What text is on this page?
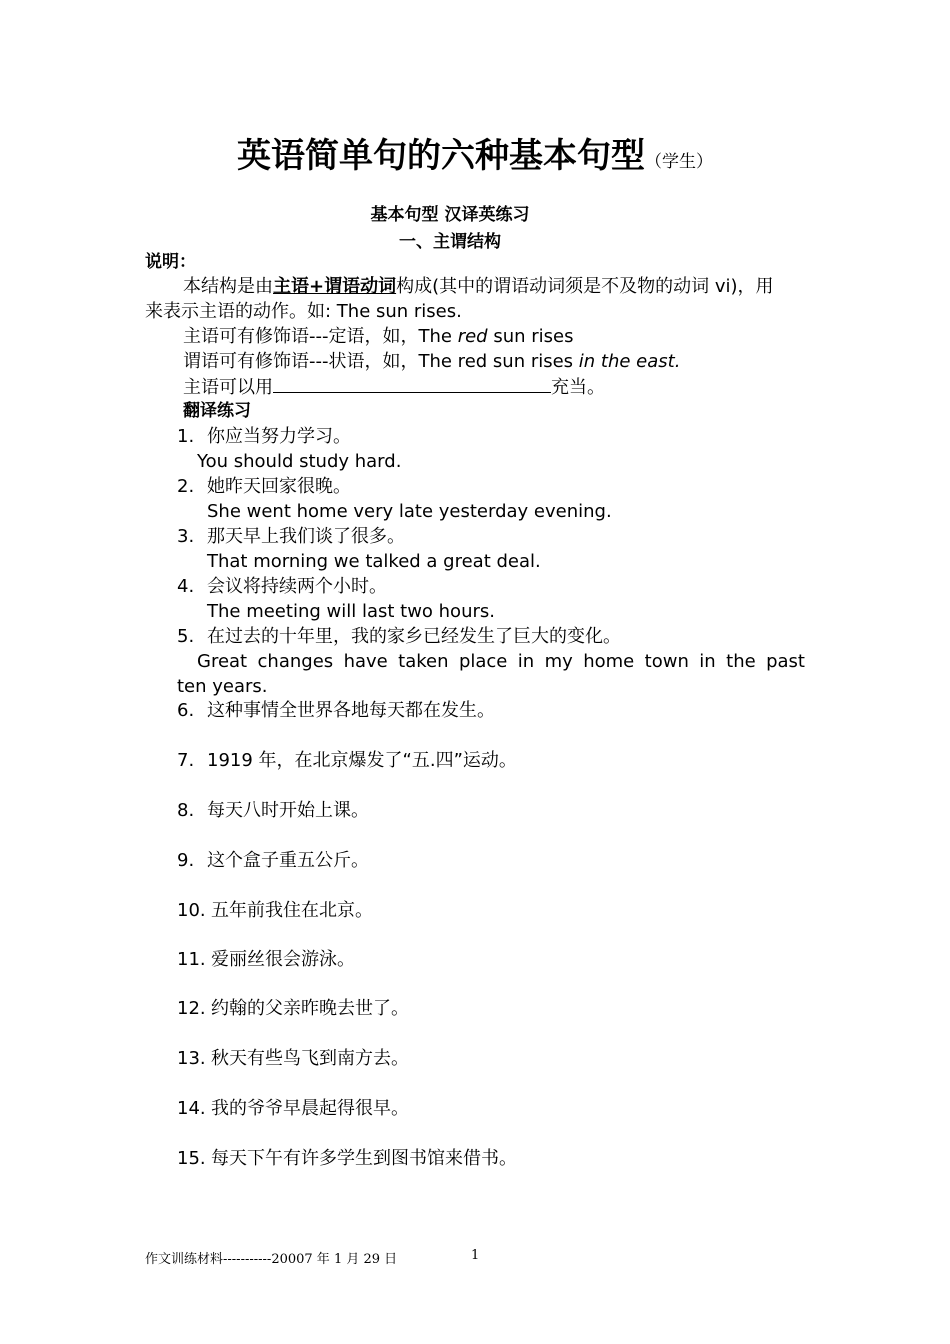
英语简单句的六种基本句型（学生）
基本句型 汉译英练习
一、主谓结构
说明：
本结构是由主语+谓语动词构成(其中的谓语动词须是不及物的动词 vi)，用
来表示主语的动作。如: The sun rises.
主语可有修饰语---定语，如，The red sun rises
谓语可有修饰语---状语，如，The red sun rises in the east.
主语可以用	充当。
翻译练习
1. 你应当努力学习。
You should study hard.
2. 她昨天回家很晚。
She went home very late yesterday evening.
3. 那天早上我们谈了很多。
That morning we talked a great deal.
4. 会议将持续两个小时。
The meeting will last two hours.
5. 在过去的十年里，我的家乡已经发生了巨大的变化。
Great changes have taken place in my home town in the past
ten years.
6. 这种事情全世界各地每天都在发生。
7. 1919 年，在北京爆发了“五.四”运动。
8. 每天八时开始上课。
9. 这个盒子重五公斤。
10. 五年前我住在北京。
11. 爱丽丝很会游泳。
12. 约翰的父亲昨晚去世了。
13. 秋天有些鸟飞到南方去。
14. 我的爷爷早晨起得很早。
15. 每天下午有许多学生到图书馆来借书。
作文训练材料-----------20007 年 1 月 29 日	1
